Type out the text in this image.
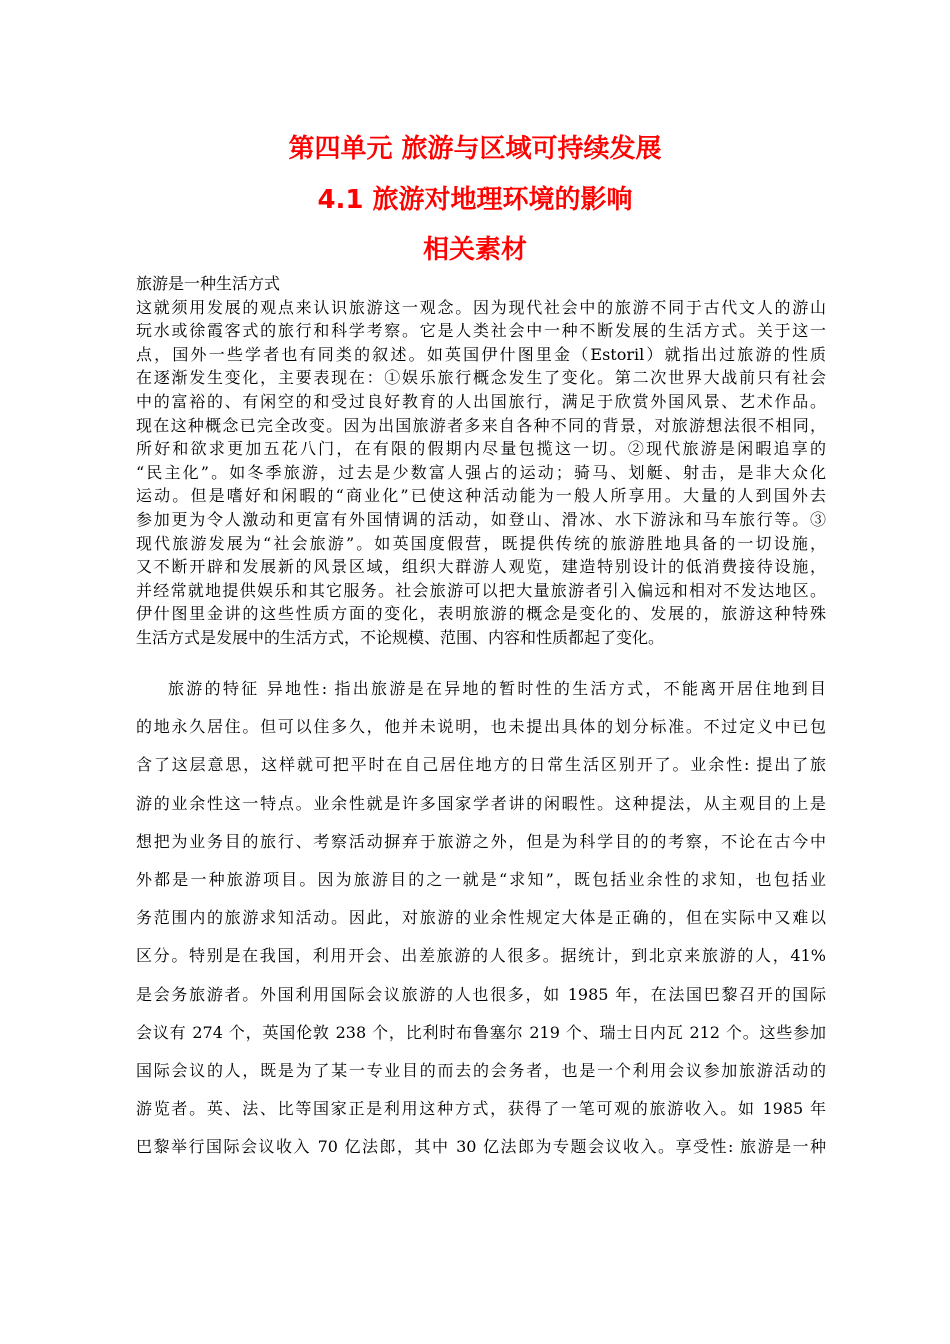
第四单元 旅游与区域可持续发展
4.1 旅游对地理环境的影响
相关素材
旅游是一种生活方式
这就须用发展的观点来认识旅游这一观念。因为现代社会中的旅游不同于古代文人的游山
玩水或徐霞客式的旅行和科学考察。它是人类社会中一种不断发展的生活方式。关于这一
点，国外一些学者也有同类的叙述。如英国伊什图里金（Estoril）就指出过旅游的性质
在逐渐发生变化，主要表现在：①娱乐旅行概念发生了变化。第二次世界大战前只有社会
中的富裕的、有闲空的和受过良好教育的人出国旅行，满足于欣赏外国风景、艺术作品。
现在这种概念已完全改变。因为出国旅游者多来自各种不同的背景，对旅游想法很不相同，
所好和欲求更加五花八门，在有限的假期内尽量包揽这一切。②现代旅游是闲暇追享的
“民主化”。如冬季旅游，过去是少数富人强占的运动；骑马、划艇、射击，是非大众化
运动。但是嗜好和闲暇的“商业化”已使这种活动能为一般人所享用。大量的人到国外去
参加更为令人激动和更富有外国情调的活动，如登山、滑冰、水下游泳和马车旅行等。③
现代旅游发展为“社会旅游”。如英国度假营，既提供传统的旅游胜地具备的一切设施，
又不断开辟和发展新的风景区域，组织大群游人观览，建造特别设计的低消费接待设施，
并经常就地提供娱乐和其它服务。社会旅游可以把大量旅游者引入偏远和相对不发达地区。
伊什图里金讲的这些性质方面的变化，表明旅游的概念是变化的、发展的，旅游这种特殊
生活方式是发展中的生活方式，不论规模、范围、内容和性质都起了变化。
旅游的特征 异地性: 指出旅游是在异地的暂时性的生活方式，不能离开居住地到目
的地永久居住。但可以住多久，他并未说明，也未提出具体的划分标准。不过定义中已包
含了这层意思，这样就可把平时在自己居住地方的日常生活区别开了。业余性: 提出了旅
游的业余性这一特点。业余性就是许多国家学者讲的闲暇性。这种提法，从主观目的上是
想把为业务目的旅行、考察活动摒弃于旅游之外，但是为科学目的的考察，不论在古今中
外都是一种旅游项目。因为旅游目的之一就是“求知”，既包括业余性的求知，也包括业
务范围内的旅游求知活动。因此，对旅游的业余性规定大体是正确的，但在实际中又难以
区分。特别是在我国，利用开会、出差旅游的人很多。据统计，到北京来旅游的人，41%
是会务旅游者。外国利用国际会议旅游的人也很多，如 1985 年，在法国巴黎召开的国际
会议有 274 个，英国伦敦 238 个，比利时布鲁塞尔 219 个、瑞士日内瓦 212 个。这些参加
国际会议的人，既是为了某一专业目的而去的会务者，也是一个利用会议参加旅游活动的
游览者。英、法、比等国家正是利用这种方式，获得了一笔可观的旅游收入。如 1985 年
巴黎举行国际会议收入 70 亿法郎，其中 30 亿法郎为专题会议收入。享受性: 旅游是一种
